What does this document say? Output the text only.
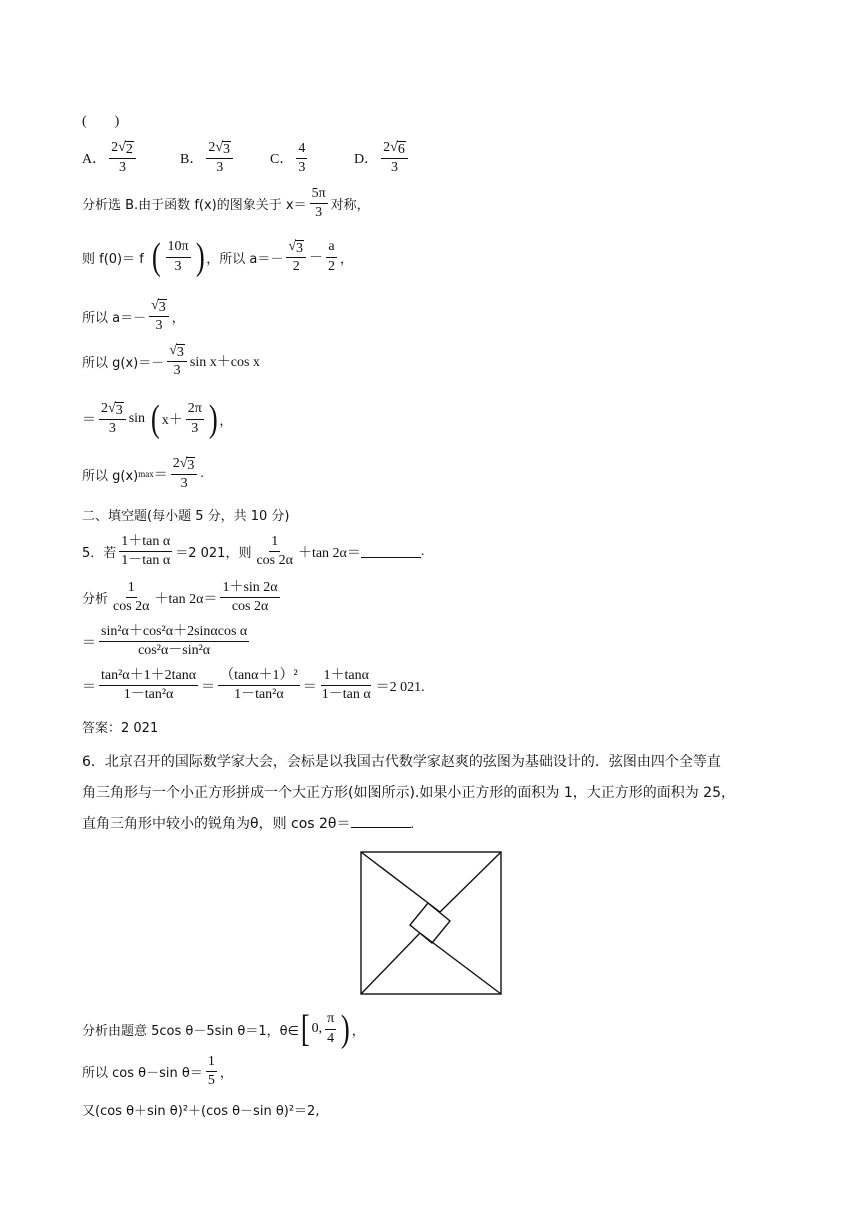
(　　)
A． $\frac{2 √ 2}{3}$	B． $\frac{2 √ 3}{3}$	C． $\frac{4}{3}$	D． $\frac{2 √ 6}{3}$
分析选 B.由于函数 f(x)的图象关于 $x= \frac{5\pi}{3}$ 对称，
则 f(0)＝ f ( $\frac{10\pi}{3}$ ) ，所以 $a=- \frac{√ 3}{2} - \frac{a}{2}$ ，
所以 $a=- \frac{√ 3}{3}$ ，
所以 $g(x)=- \frac{√ 3}{3}$ sin x＋cos x
＝ $\frac{2 √ 3}{3}$ sin ( $x+ \frac{2\pi}{3}$ ) ，
所以 g(x) $\max = \frac{2 √ 3}{3}$ .
二、填空题(每小题 5 分，共 10 分)
5．若 $\frac{\text{1＋tan α}}{\text{1－tan α}} =2$ 021，则 $\frac{1}{\cos 2\alpha} +\tan$ 2α＝	.
分析 $\frac{1}{\cos 2\alpha} +\tan$ $2\alpha= \frac{1+\sin 2\alpha}{\cos 2\alpha}$
＝ $\frac{\text{sin²α＋cos²α＋2sinαcos α}}{\text{cos²α－sin²α}}$
＝ $\frac{\text{tan²α＋1＋2tanα}}{\text{1－tan²α}} = \frac{\text{（tanα＋1）²}}{\text{1－tan²α}} = \frac{1+\tan\alpha}{\text{1－tan α}} =2$ 021.
答案：2 021
6．北京召开的国际数学家大会，会标是以我国古代数学家赵爽的弦图为基础设计的．弦图由四个全等直
角三角形与一个小正方形拼成一个大正方形(如图所示).如果小正方形的面积为 1，大正方形的面积为 25，
直角三角形中较小的锐角为θ，则 cos 2θ＝	.
分析由题意 5cos θ－5sin θ＝1，θ∈ [ 0, $\frac{\pi}{4}$ ) ，
所以 cos θ－sin $\theta= \frac{1}{5}$ ，
又(cos θ＋sin θ)²＋(cos θ－sin θ)²＝2,
